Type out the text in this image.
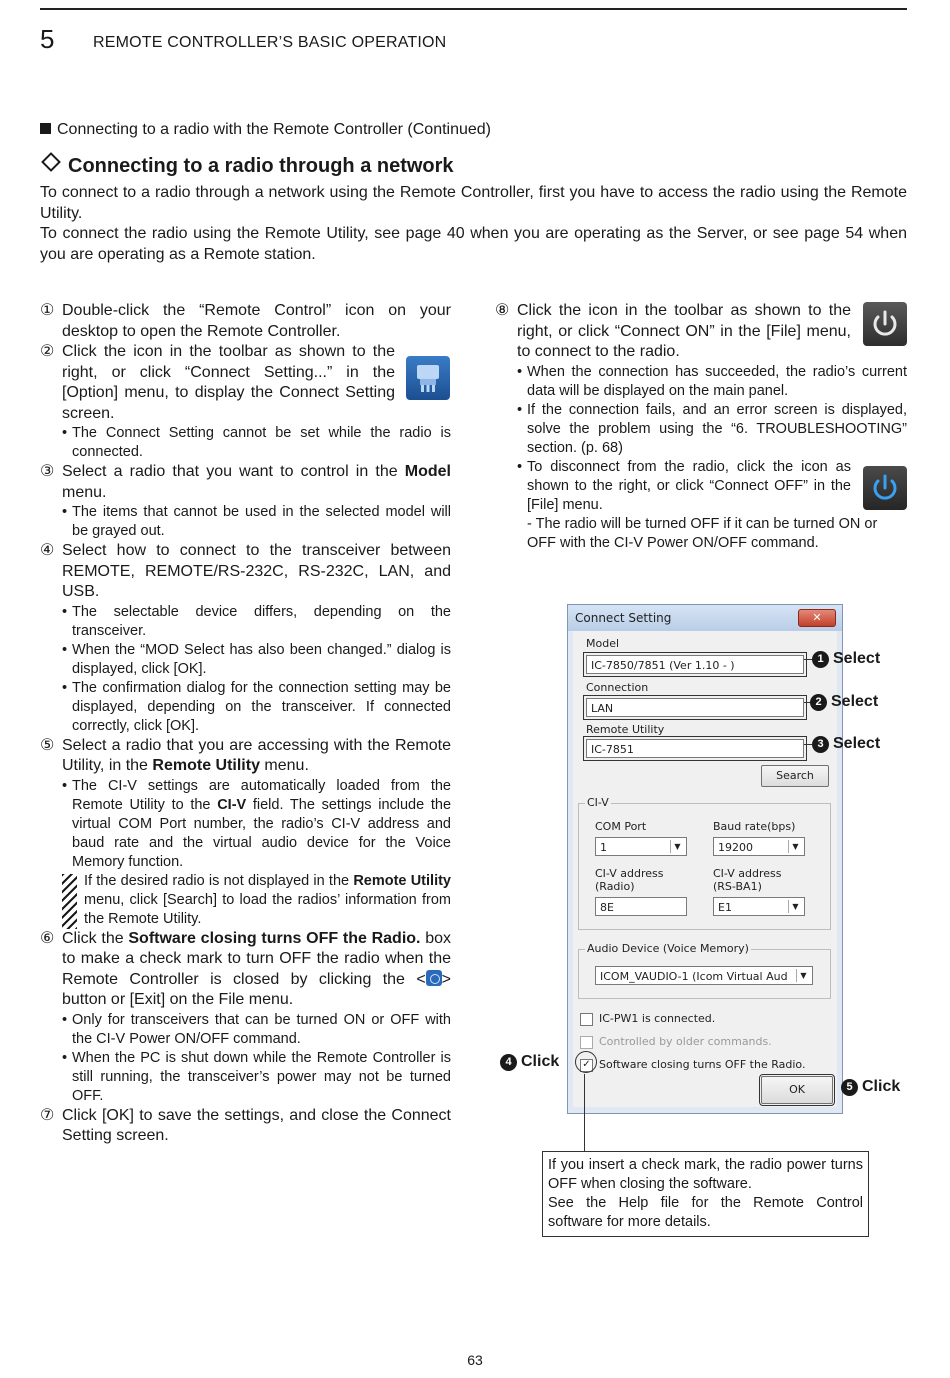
5 REMOTE CONTROLLER’S BASIC OPERATION
Connecting to a radio with the Remote Controller (Continued)
Connecting to a radio through a network
To connect to a radio through a network using the Remote Controller, first you have to access the radio using the Remote Utility.
To connect the radio using the Remote Utility, see page 40 when you are operating as the Server, or see page 54 when you are operating as a Remote station.
① Double-click the “Remote Control” icon on your desktop to open the Remote Controller.
② Click the icon in the toolbar as shown to the right, or click “Connect Setting...” in the [Option] menu, to display the Connect Setting screen.
• The Connect Setting cannot be set while the radio is connected.
③ Select a radio that you want to control in the Model menu.
• The items that cannot be used in the selected model will be grayed out.
④ Select how to connect to the transceiver between REMOTE, REMOTE/RS-232C, RS-232C, LAN, and USB.
• The selectable device differs, depending on the transceiver.
• When the “MOD Select has also been changed.” dialog is displayed, click [OK].
• The confirmation dialog for the connection setting may be displayed, depending on the transceiver. If connected correctly, click [OK].
⑤ Select a radio that you are accessing with the Remote Utility, in the Remote Utility menu.
• The CI-V settings are automatically loaded from the Remote Utility to the CI-V field. The settings include the virtual COM Port number, the radio’s CI-V address and baud rate and the virtual audio device for the Voice Memory function.
If the desired radio is not displayed in the Remote Utility menu, click [Search] to load the radios’ information from the Remote Utility.
⑥ Click the Software closing turns OFF the Radio. box to make a check mark to turn OFF the radio when the Remote Controller is closed by clicking the < > button or [Exit] on the File menu.
• Only for transceivers that can be turned ON or OFF with the CI-V Power ON/OFF command.
• When the PC is shut down while the Remote Controller is still running, the transceiver’s power may not be turned OFF.
⑦ Click [OK] to save the settings, and close the Connect Setting screen.
⑧ Click the icon in the toolbar as shown to the right, or click “Connect ON” in the [File] menu, to connect to the radio.
• When the connection has succeeded, the radio’s current data will be displayed on the main panel.
• If the connection fails, and an error screen is displayed, solve the problem using the “6. TROUBLESHOOTING” section. (p. 68)
• To disconnect from the radio, click the icon as shown to the right, or click “Connect OFF” in the [File] menu.
- The radio will be turned OFF if it can be turned ON or OFF with the CI-V Power ON/OFF command.
Connect Setting	✕
Model
IC-7850/7851 (Ver 1.10 - )
Connection
LAN
Remote Utility
IC-7851
Search
CI-V
COM Port
1	▼
Baud rate(bps)
19200	▼
CI-V address
(Radio)
8E
CI-V address
(RS-BA1)
E1	▼
Audio Device (Voice Memory)
ICOM_VAUDIO-1 (Icom Virtual Aud	▼
IC-PW1 is connected.
Controlled by older commands.
✓ Software closing turns OFF the Radio.
OK
1 Select
2 Select
3 Select
4 Click
5 Click
If you insert a check mark, the radio power turns OFF when closing the software.
See the Help file for the Remote Control software for more details.
63
